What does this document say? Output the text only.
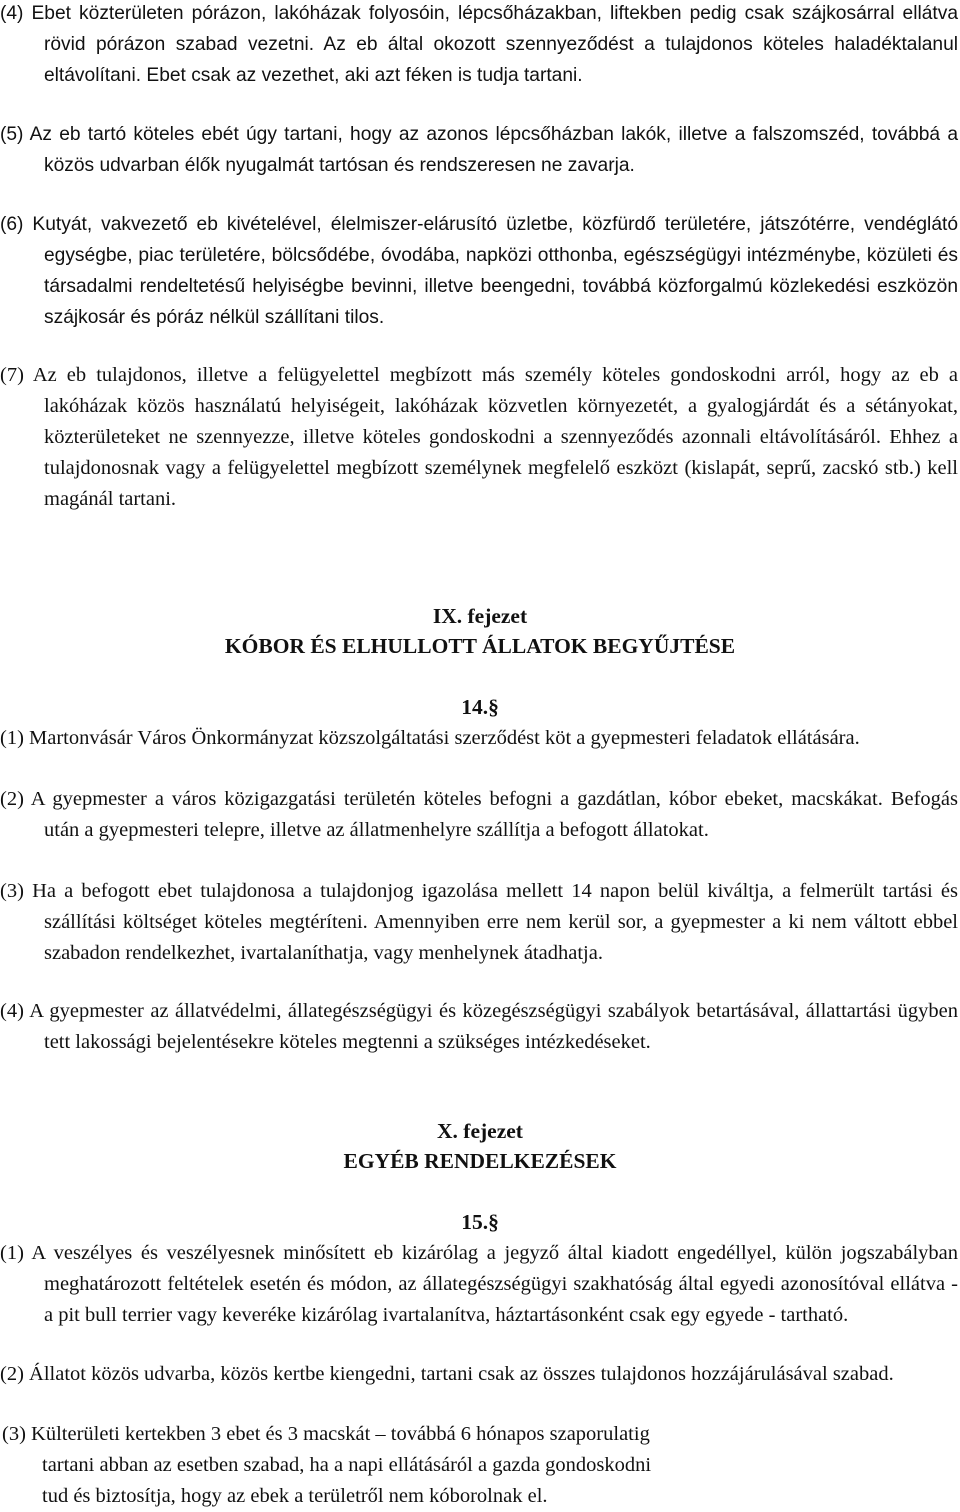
(4) Ebet közterületen pórázon, lakóházak folyosóin, lépcsőházakban, liftekben pedig csak szájkosárral ellátva rövid pórázon szabad vezetni. Az eb által okozott szennyeződést a tulajdonos köteles haladéktalanul eltávolítani. Ebet csak az vezethet, aki azt féken is tudja tartani.

(5) Az eb tartó köteles ebét úgy tartani, hogy az azonos lépcsőházban lakók, illetve a falszomszéd, továbbá a közös udvarban élők nyugalmát tartósan és rendszeresen ne zavarja.

(6) Kutyát, vakvezető eb kivételével, élelmiszer-elárusító üzletbe, közfürdő területére, játszótérre, vendéglátó egységbe, piac területére, bölcsődébe, óvodába, napközi otthonba, egészségügyi intézménybe, közületi és társadalmi rendeltetésű helyiségbe bevinni, illetve beengedni, továbbá közforgalmú közlekedési eszközön szájkosár és póráz nélkül szállítani tilos.

(7) Az eb tulajdonos, illetve a felügyelettel megbízott más személy köteles gondoskodni arról, hogy az eb a lakóházak közös használatú helyiségeit, lakóházak közvetlen környezetét, a gyalogjárdát és a sétányokat, közterületeket ne szennyezze, illetve köteles gondoskodni a szennyeződés azonnali eltávolításáról. Ehhez a tulajdonosnak vagy a felügyelettel megbízott személynek megfelelő eszközt (kislapát, seprű, zacskó stb.) kell magánál tartani.

IX. fejezet

KÓBOR ÉS ELHULLOTT ÁLLATOK BEGYŰJTÉSE

14.§

(1) Martonvásár Város Önkormányzat közszolgáltatási szerződést köt a gyepmesteri feladatok ellátására.

(2) A gyepmester a város közigazgatási területén köteles befogni a gazdátlan, kóbor ebeket, macskákat. Befogás után a gyepmesteri telepre, illetve az állatmenhelyre szállítja a befogott állatokat.

(3) Ha a befogott ebet tulajdonosa a tulajdonjog igazolása mellett 14 napon belül kiváltja, a felmerült tartási és szállítási költséget köteles megtéríteni. Amennyiben erre nem kerül sor, a gyepmester a ki nem váltott ebbel szabadon rendelkezhet, ivartalaníthatja, vagy menhelynek átadhatja.

(4) A gyepmester az állatvédelmi, állategészségügyi és közegészségügyi szabályok betartásával, állattartási ügyben tett lakossági bejelentésekre köteles megtenni a szükséges intézkedéseket.

X. fejezet

EGYÉB RENDELKEZÉSEK

15.§

(1) A veszélyes és veszélyesnek minősített eb kizárólag a jegyző által kiadott engedéllyel, külön jogszabályban meghatározott feltételek esetén és módon, az állategészségügyi szakhatóság által egyedi azonosítóval ellátva - a pit bull terrier vagy keveréke kizárólag ivartalanítva, háztartásonként csak egy egyede - tartható.

(2) Állatot közös udvarba, közös kertbe kiengedni, tartani csak az összes tulajdonos hozzájárulásával szabad.

(3) Külterületi kertekben 3 ebet és 3 macskát – továbbá 6 hónapos szaporulatig
tartani abban az esetben szabad, ha a napi ellátásáról a gazda gondoskodni
tud és biztosítja, hogy az ebek a területről nem kóborolnak el.
